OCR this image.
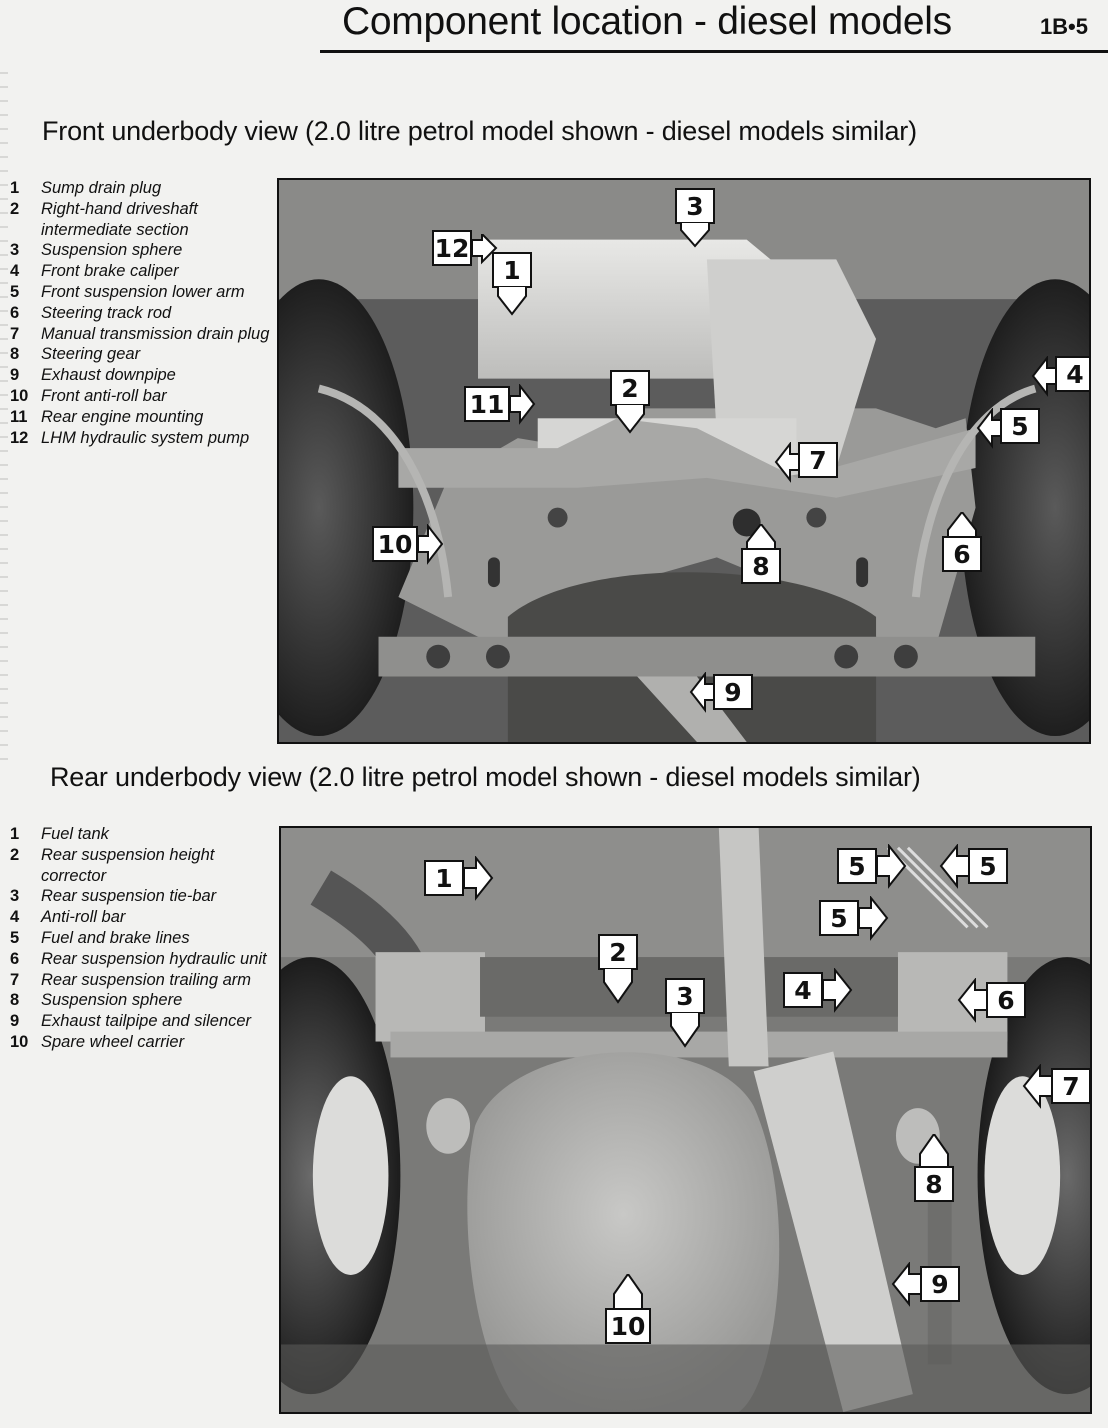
Component location - diesel models	1B•5
Front underbody view (2.0 litre petrol model shown - diesel models similar)
1 Sump drain plug
2 Right-hand driveshaft intermediate section
3 Suspension sphere
4 Front brake caliper
5 Front suspension lower arm
6 Steering track rod
7 Manual transmission drain plug
8 Steering gear
9 Exhaust downpipe
10 Front anti-roll bar
11 Rear engine mounting
12 LHM hydraulic system pump
3
12
1
2
11
4
5
7
6
10
8
9
Rear underbody view (2.0 litre petrol model shown - diesel models similar)
1 Fuel tank
2 Rear suspension height corrector
3 Rear suspension tie-bar
4 Anti-roll bar
5 Fuel and brake lines
6 Rear suspension hydraulic unit
7 Rear suspension trailing arm
8 Suspension sphere
9 Exhaust tailpipe and silencer
10 Spare wheel carrier
1
2
3	4
5	5
5
6
7
8
9
10
